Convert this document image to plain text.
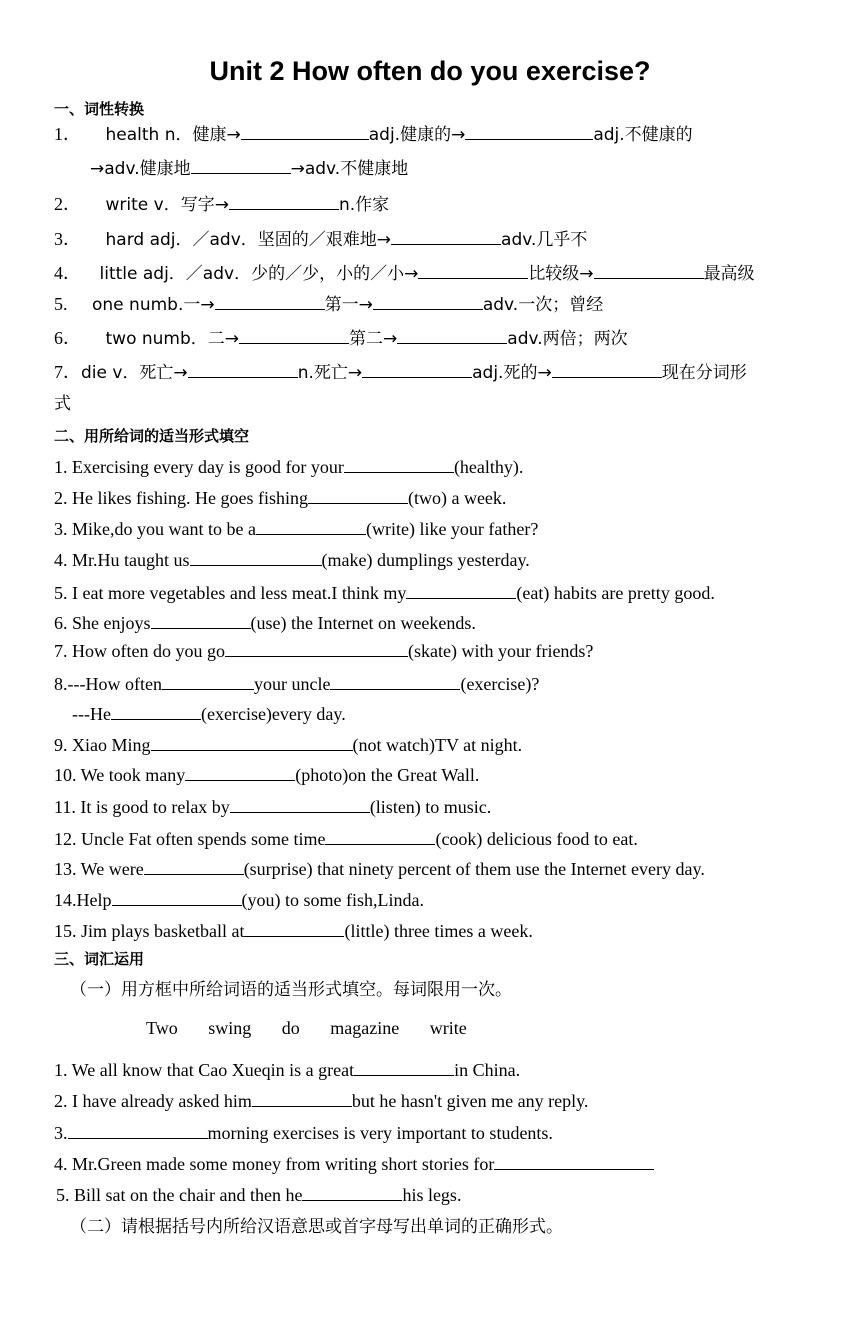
Unit 2 How often do you exercise?
一、词性转换
1． health n．健康→	adj.健康的→	adj.不健康的
→adv.健康地	→adv.不健康地
2． write v．写字→	n.作家
3． hard adj．／adv．坚固的／艰难地→	adv.几乎不
4． little adj．／adv．少的／少，小的／小→	比较级→	最高级
5. one numb.一→	第一→	adv.一次；曾经
6． two numb．二→	第二→	adv.两倍；两次
7．die v．死亡→	n.死亡→	adj.死的→	现在分词形
式
二、用所给词的适当形式填空
1. Exercising every day is good for your	(healthy).
2. He likes fishing. He goes fishing	(two) a week.
3. Mike,do you want to be a	(write) like your father?
4. Mr.Hu taught us	(make) dumplings yesterday.
5. I eat more vegetables and less meat.I think my	(eat) habits are pretty good.
6. She enjoys	(use) the Internet on weekends.
7. How often do you go	(skate) with your friends?
8.---How often	your uncle	(exercise)?
---He	(exercise)every day.
9. Xiao Ming	(not watch)TV at night.
10. We took many	(photo)on the Great Wall.
11. It is good to relax by	(listen) to music.
12. Uncle Fat often spends some time	(cook) delicious food to eat.
13. We were	(surprise) that ninety percent of them use the Internet every day.
14.Help	(you) to some fish,Linda.
15. Jim plays basketball at	(little) three times a week.
三、词汇运用
（一）用方框中所给词语的适当形式填空。每词限用一次。
Two swing do magazine write
1. We all know that Cao Xueqin is a great	in China.
2. I have already asked him	but he hasn't given me any reply.
3.	morning exercises is very important to students.
4. Mr.Green made some money from writing short stories for
5. Bill sat on the chair and then he	his legs.
（二）请根据括号内所给汉语意思或首字母写出单词的正确形式。
